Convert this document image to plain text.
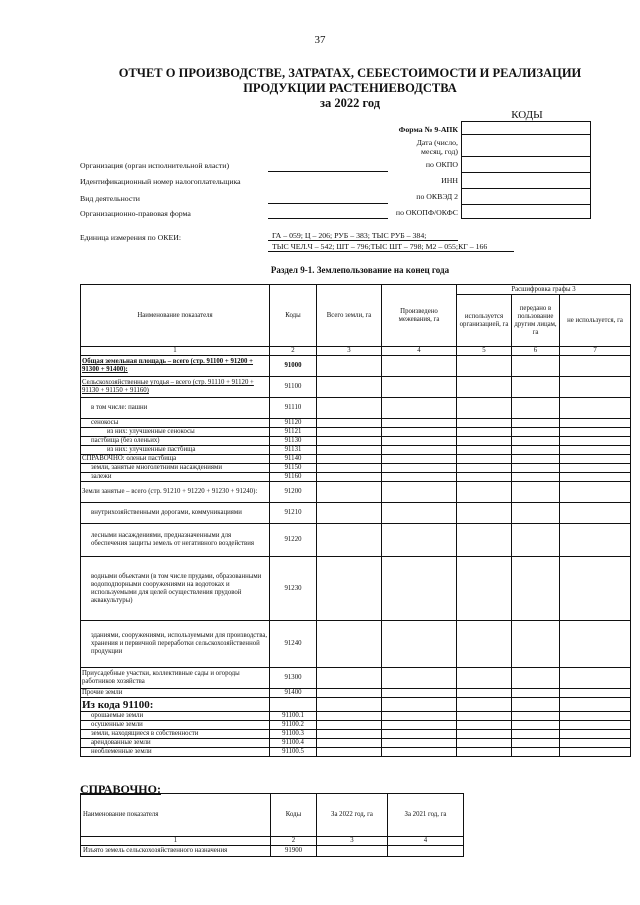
37
ОТЧЕТ О ПРОИЗВОДСТВЕ, ЗАТРАТАХ, СЕБЕСТОИМОСТИ И РЕАЛИЗАЦИИ
ПРОДУКЦИИ РАСТЕНИЕВОДСТВА
за 2022 год
КОДЫ

Форма № 9-АПК
Дата (число,
месяц, год)
Организация (орган исполнительной власти)	по ОКПО
Идентификационный номер налогоплательщика	ИНН
Вид деятельности	по ОКВЭД 2
Организационно-правовая форма	по ОКОПФ/ОКФС
Единица измерения по ОКЕИ:	ГА – 059; Ц – 206; РУБ – 383; ТЫС РУБ – 384;
ТЫС ЧЕЛ.Ч – 542; ШТ – 796;ТЫС ШТ – 798; М2 – 055;КГ – 166
Раздел 9-1. Землепользование на конец года
Наименование показателя	Коды	Всего земли, га	Произведено межевания, га	Расшифровка графы 3		
				используется организацией, га	передано в пользование другим лицам, га	не используется, га
1	2	3	4	5	6	7
Общая земельная площадь – всего (стр. 91100 + 91200 + 91300 + 91400):	91000					
Сельскохозяйственные угодья – всего (стр. 91110 + 91120 + 91130 + 91150 + 91160)	91100					
в том числе: пашни	91110					
сенокосы	91120					
из них: улучшенные сенокосы	91121					
пастбища (без оленьих)	91130					
из них: улучшенные пастбища	91131					
СПРАВОЧНО: оленьи пастбища	91140					
земли, занятые многолетними насаждениями	91150					
залежи	91160					
Земли занятые – всего (стр. 91210 + 91220 + 91230 + 91240):	91200					
внутрихозяйственными дорогами, коммуникациями	91210					
лесными насаждениями, предназначенными для обеспечения защиты земель от негативного воздействия	91220					
водными объектами (в том числе прудами, образованными водоподпорными сооружениями на водотоках и используемыми для целей осуществления прудовой аквакультуры)	91230					
зданиями, сооружениями, используемыми для производства, хранения и первичной переработки сельскохозяйственной продукции	91240					
Приусадебные участки, коллективные сады и огороды работников хозяйства	91300					
Прочие земли	91400					
Из кода 91100:						
орошаемые земли	91100.1					
осушенные земли	91100.2					
земли, находящиеся в собственности	91100.3					
арендованные земли	91100.4					
необлеменные земли	91100.5					
СПРАВОЧНО:
Наименование показателя	Коды	За 2022 год, га	За 2021 год, га
1	2	3	4
Изъято земель сельскохозяйственного назначения	91900		
